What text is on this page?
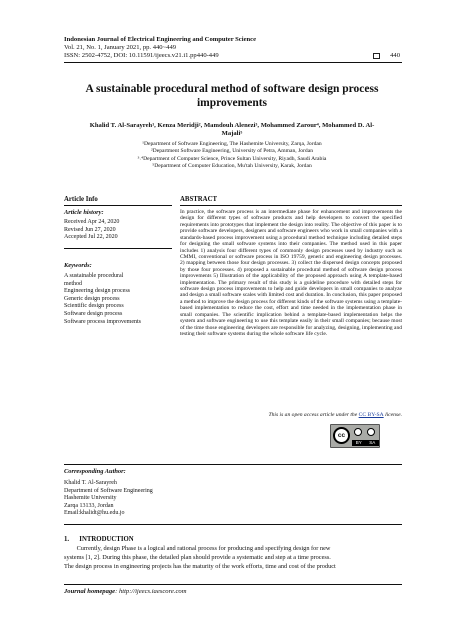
Indonesian Journal of Electrical Engineering and Computer Science
Vol. 21, No. 1, January 2021, pp. 440~449
ISSN: 2502-4752, DOI: 10.11591/ijeecs.v21.i1.pp440-449	440
A sustainable procedural method of software design process
improvements
Khalid T. Al-Sarayreh¹, Kenza Meridji², Mamdouh Alenezi³, Mohammed Zarour⁴, Mohammed D. Al-
Majali⁵
¹Department of Software Engineering, The Hashemite University, Zarqa, Jordan
²Department Software Engineering, University of Petra, Amman, Jordan
³˒⁴Department of Computer Science, Prince Sultan University, Riyadh, Saudi Arabia
⁵Department of Computer Education, Mu'tah University, Karak, Jordan
Article Info
Article history:
Received Apr 24, 2020
Revised Jun 27, 2020
Accepted Jul 22, 2020
Keywords:
A sustainable procedural
method
Engineering design process
Generic design process
Scientific design process
Software design process
Software process improvements
ABSTRACT
In practice, the software process is an intermediate phase for enhancement and improvements the design for different types of software products and help developers to convert the specified requirements into prototypes that implement the design into reality. The objective of this paper is to provide software developers, designers and software engineers who work in small companies with a standards-based process improvement using a procedural method technique including detailed steps for designing the small software systems into their companies. The method used in this paper includes 1) analysis four different types of commonly design processes used by industry such as CMMI, conventional or software process in ISO 19759, generic and engineering design processes. 2) mapping between those four design processes. 3) collect the dispersed design concepts proposed by those four processes. 4) proposed a sustainable procedural method of software design process improvements 5) Illustration of the applicability of the proposed approach using A template-based implementation. The primary result of this study is a guideline procedure with detailed steps for software design process improvements to help and guide developers in small companies to analyze and design a small software scales with limited cost and duration. In conclusion, this paper proposed a method to improve the design process for different kinds of the software systems using a template-based implementation to reduce the cost, effort and time needed in the implementation phase in small companies. The scientific implication behind a template-based implementation helps the system and software engineering to use this template easily in their small companies; because most of the time those engineering developers are responsible for analyzing, designing, implementing and testing their software systems during the whole software life cycle.
This is an open access article under the CC BY-SA license.
cc
BY SA
Corresponding Author:
Khalid T. Al-Sarayreh
Department of Software Engineering
Hashemite University
Zarqa 13133, Jordan
Email:khalidt@hu.edu.jo
1.      INTRODUCTION
Currently, design Phase is a logical and rational process for producing and specifying design for new
systems [1, 2]. During this phase, the detailed plan should provide a systematic and step at a time process.
The design process in engineering projects has the maturity of the work efforts, time and cost of the product
Journal homepage: http://ijeecs.iaescore.com
